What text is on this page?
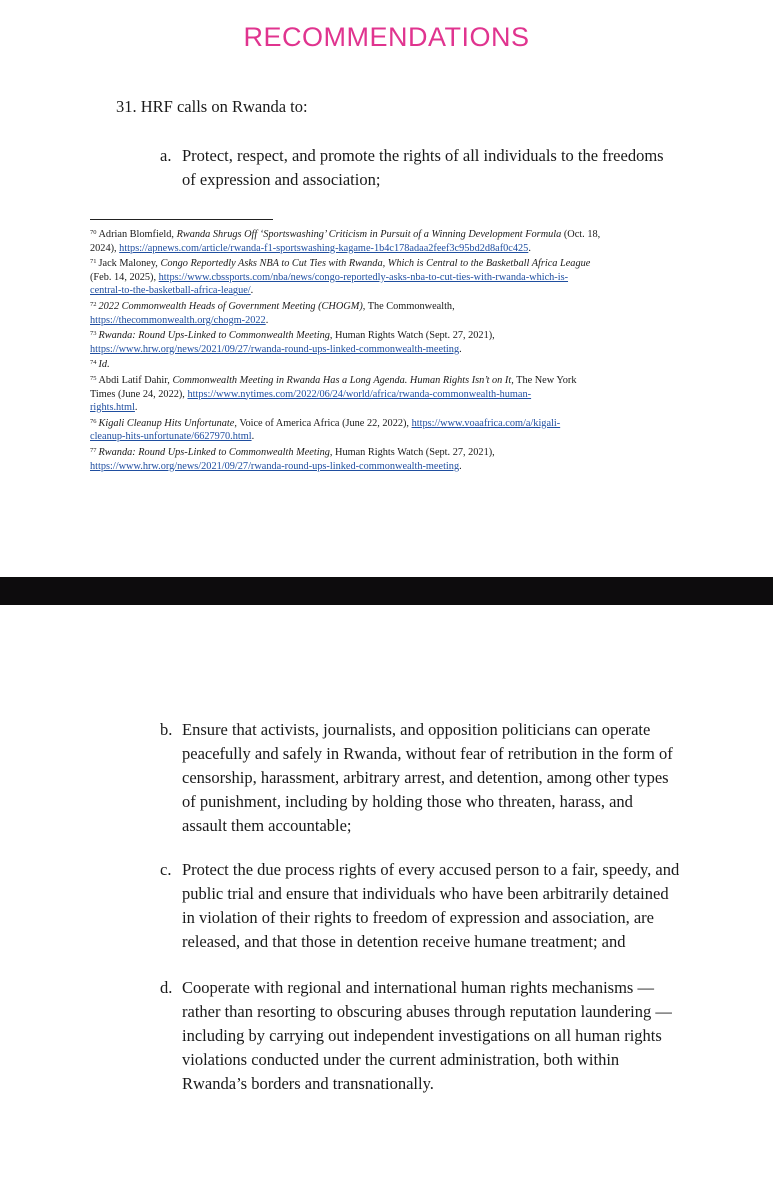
RECOMMENDATIONS
31. HRF calls on Rwanda to:
a. Protect, respect, and promote the rights of all individuals to the freedoms
of expression and association;
$^{70}$ Adrian Blomfield, Rwanda Shrugs Off ‘Sportswashing’ Criticism in Pursuit of a Winning Development Formula (Oct. 18,
2024), https://apnews.com/article/rwanda-f1-sportswashing-kagame-1b4c178adaa2feef3c95bd2d8af0c425.
$^{71}$ Jack Maloney, Congo Reportedly Asks NBA to Cut Ties with Rwanda, Which is Central to the Basketball Africa League
(Feb. 14, 2025), https://www.cbssports.com/nba/news/congo-reportedly-asks-nba-to-cut-ties-with-rwanda-which-is-
central-to-the-basketball-africa-league/.
$^{72}$ 2022 Commonwealth Heads of Government Meeting (CHOGM), The Commonwealth,
https://thecommonwealth.org/chogm-2022.
$^{73}$ Rwanda: Round Ups-Linked to Commonwealth Meeting, Human Rights Watch (Sept. 27, 2021),
https://www.hrw.org/news/2021/09/27/rwanda-round-ups-linked-commonwealth-meeting.
$^{74}$ Id.
$^{75}$ Abdi Latif Dahir, Commonwealth Meeting in Rwanda Has a Long Agenda. Human Rights Isn’t on It, The New York
Times (June 24, 2022), https://www.nytimes.com/2022/06/24/world/africa/rwanda-commonwealth-human-
rights.html.
$^{76}$ Kigali Cleanup Hits Unfortunate, Voice of America Africa (June 22, 2022), https://www.voaafrica.com/a/kigali-
cleanup-hits-unfortunate/6627970.html.
$^{77}$ Rwanda: Round Ups-Linked to Commonwealth Meeting, Human Rights Watch (Sept. 27, 2021),
https://www.hrw.org/news/2021/09/27/rwanda-round-ups-linked-commonwealth-meeting.
b. Ensure that activists, journalists, and opposition politicians can operate
peacefully and safely in Rwanda, without fear of retribution in the form of
censorship, harassment, arbitrary arrest, and detention, among other types
of punishment, including by holding those who threaten, harass, and
assault them accountable;
c. Protect the due process rights of every accused person to a fair, speedy, and
public trial and ensure that individuals who have been arbitrarily detained
in violation of their rights to freedom of expression and association, are
released, and that those in detention receive humane treatment; and
d. Cooperate with regional and international human rights mechanisms —
rather than resorting to obscuring abuses through reputation laundering —
including by carrying out independent investigations on all human rights
violations conducted under the current administration, both within
Rwanda’s borders and transnationally.
